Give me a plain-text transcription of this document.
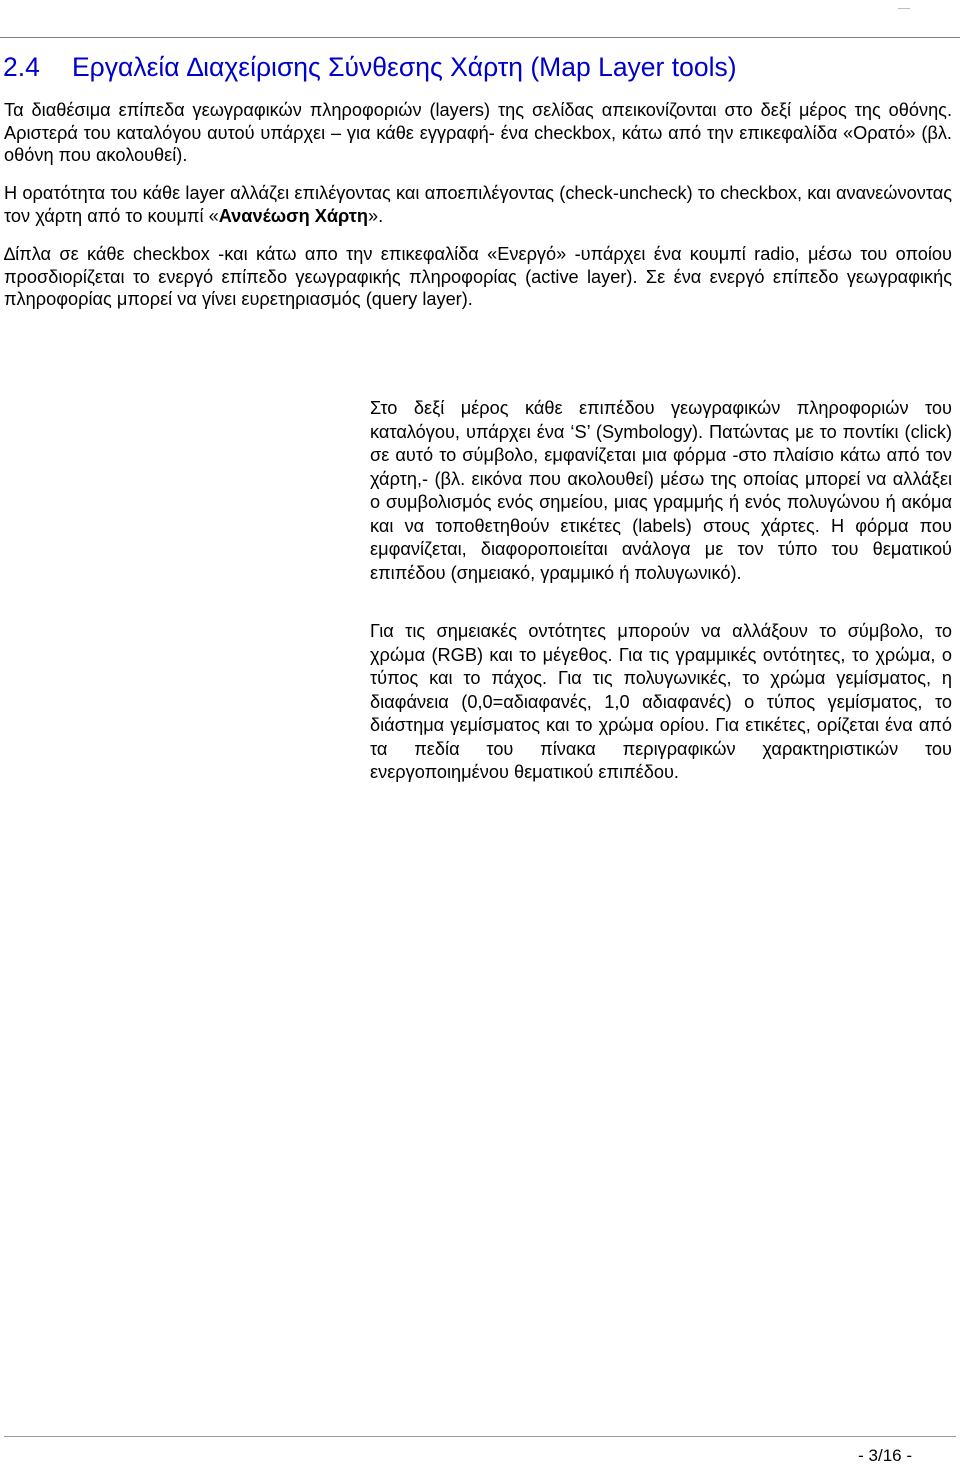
2.4 Εργαλεία ∆ιαχείρισης Σύνθεσης Χάρτη (Map Layer tools)

Τα διαθέσιμα επίπεδα γεωγραφικών πληροφοριών (layers) της σελίδας απεικονίζονται στο δεξί μέρος της οθόνης. Αριστερά του καταλόγου αυτού υπάρχει – για κάθε εγγραφή- ένα checkbox, κάτω από την επικεφαλίδα «Ορατό» (βλ. οθόνη που ακολουθεί).

Η ορατότητα του κάθε layer αλλάζει επιλέγοντας και αποεπιλέγοντας (check-uncheck) το checkbox, και ανανεώνοντας τον χάρτη από το κουμπί «Ανανέωση Χάρτη».

∆ίπλα σε κάθε checkbox -και κάτω απο την επικεφαλίδα «Ενεργό» -υπάρχει ένα κουμπί radio, μέσω του οποίου προσδιορίζεται το ενεργό επίπεδο γεωγραφικής πληροφορίας (active layer). Σε ένα ενεργό επίπεδο γεωγραφικής πληροφορίας μπορεί να γίνει ευρετηριασμός (query layer).

Στο δεξί μέρος κάθε επιπέδου γεωγραφικών πληροφοριών του καταλόγου, υπάρχει ένα ‘S’ (Symbology). Πατώντας με το ποντίκι (click) σε αυτό το σύμβολο, εμφανίζεται μια φόρμα -στο πλαίσιο κάτω από τον χάρτη,- (βλ. εικόνα που ακολουθεί) μέσω της οποίας μπορεί να αλλάξει ο συμβολισμός ενός σημείου, μιας γραμμής ή ενός πολυγώνου ή ακόμα και να τοποθετηθούν ετικέτες (labels) στους χάρτες. Η φόρμα που εμφανίζεται, διαφοροποιείται ανάλογα με τον τύπο του θεματικού επιπέδου (σημειακό, γραμμικό ή πολυγωνικό).

Για τις σημειακές οντότητες μπορούν να αλλάξουν το σύμβολο, το χρώμα (RGB) και το μέγεθος. Για τις γραμμικές οντότητες, το χρώμα, ο τύπος και το πάχος. Για τις πολυγωνικές, το χρώμα γεμίσματος, η διαφάνεια (0,0=αδιαφανές, 1,0 αδιαφανές) ο τύπος γεμίσματος, το διάστημα γεμίσματος και το χρώμα ορίου. Για ετικέτες, ορίζεται ένα από τα πεδία του πίνακα περιγραφικών χαρακτηριστικών του ενεργοποιημένου θεματικού επιπέδου.

- 3/16 -
